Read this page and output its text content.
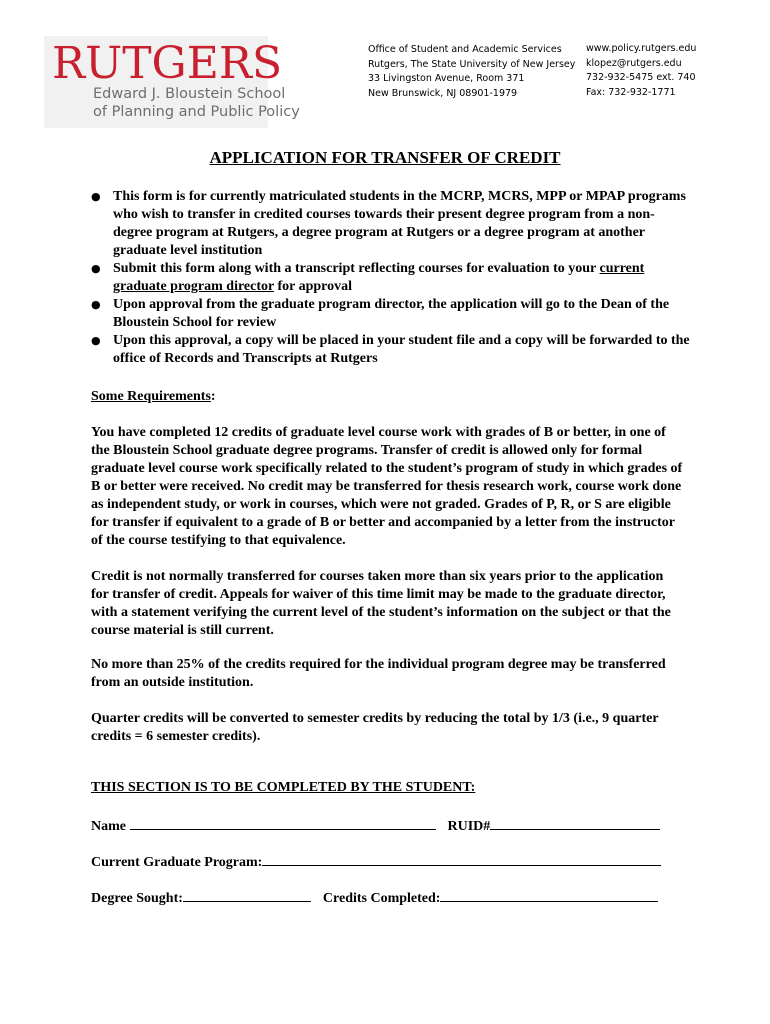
RUTGERS
Edward J. Bloustein School
of Planning and Public Policy
Office of Student and Academic Services
Rutgers, The State University of New Jersey
33 Livingston Avenue, Room 371
New Brunswick, NJ 08901-1979
www.policy.rutgers.edu
klopez@rutgers.edu
732-932-5475 ext. 740
Fax: 732-932-1771
APPLICATION FOR TRANSFER OF CREDIT
● This form is for currently matriculated students in the MCRP, MCRS, MPP or MPAP programs who wish to transfer in credited courses towards their present degree program from a non-degree program at Rutgers, a degree program at Rutgers or a degree program at another graduate level institution
● Submit this form along with a transcript reflecting courses for evaluation to your current graduate program director for approval
● Upon approval from the graduate program director, the application will go to the Dean of the Bloustein School for review
● Upon this approval, a copy will be placed in your student file and a copy will be forwarded to the office of Records and Transcripts at Rutgers
Some Requirements:
You have completed 12 credits of graduate level course work with grades of B or better, in one of the Bloustein School graduate degree programs. Transfer of credit is allowed only for formal graduate level course work specifically related to the student’s program of study in which grades of B or better were received. No credit may be transferred for thesis research work, course work done as independent study, or work in courses, which were not graded. Grades of P, R, or S are eligible for transfer if equivalent to a grade of B or better and accompanied by a letter from the instructor of the course testifying to that equivalence.
Credit is not normally transferred for courses taken more than six years prior to the application for transfer of credit. Appeals for waiver of this time limit may be made to the graduate director, with a statement verifying the current level of the student’s information on the subject or that the course material is still current.
No more than 25% of the credits required for the individual program degree may be transferred from an outside institution.
Quarter credits will be converted to semester credits by reducing the total by 1/3 (i.e., 9 quarter credits = 6 semester credits).
THIS SECTION IS TO BE COMPLETED BY THE STUDENT:
Name	RUID#
Current Graduate Program:
Degree Sought:	Credits Completed:
